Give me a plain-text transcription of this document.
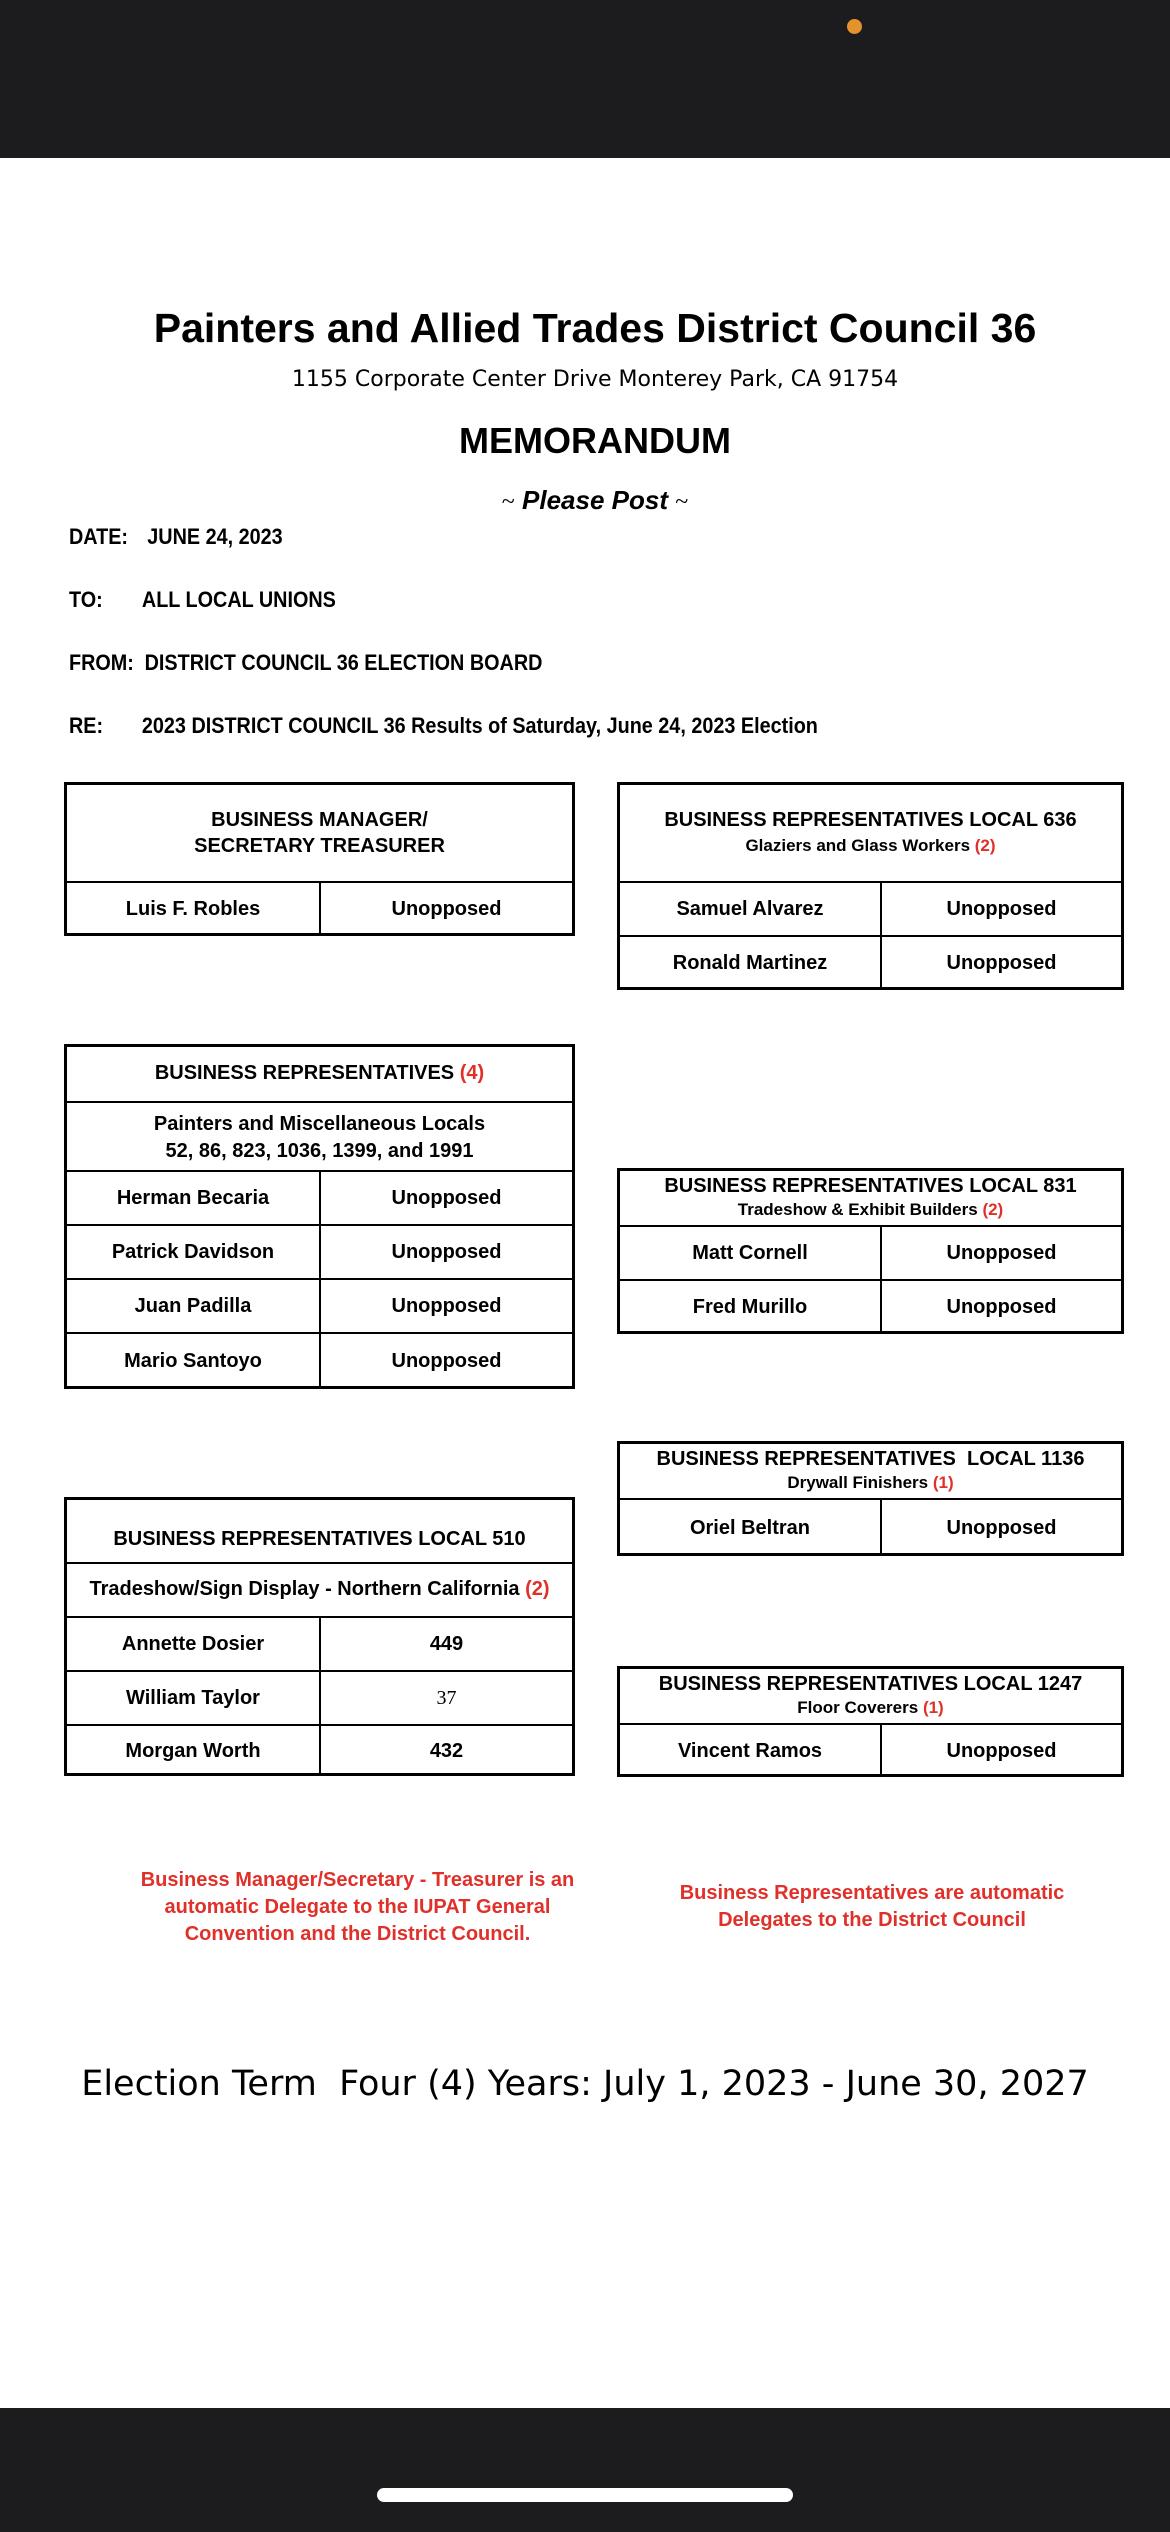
Painters and Allied Trades District Council 36
1155 Corporate Center Drive Monterey Park, CA 91754
MEMORANDUM
~ Please Post ~
DATE: JUNE 24, 2023
TO: ALL LOCAL UNIONS
FROM: DISTRICT COUNCIL 36 ELECTION BOARD
RE: 2023 DISTRICT COUNCIL 36 Results of Saturday, June 24, 2023 Election
BUSINESS MANAGER/
SECRETARY TREASURER
Luis F. Robles	Unopposed
BUSINESS REPRESENTATIVES (4)
Painters and Miscellaneous Locals
52, 86, 823, 1036, 1399, and 1991
Herman Becaria	Unopposed
Patrick Davidson	Unopposed
Juan Padilla	Unopposed
Mario Santoyo	Unopposed
BUSINESS REPRESENTATIVES LOCAL 510
Tradeshow/Sign Display - Northern California (2)
Annette Dosier	449
William Taylor	37
Morgan Worth	432
BUSINESS REPRESENTATIVES LOCAL 636
Glaziers and Glass Workers (2)
Samuel Alvarez	Unopposed
Ronald Martinez	Unopposed
BUSINESS REPRESENTATIVES LOCAL 831
Tradeshow & Exhibit Builders (2)
Matt Cornell	Unopposed
Fred Murillo	Unopposed
BUSINESS REPRESENTATIVES  LOCAL 1136
Drywall Finishers (1)
Oriel Beltran	Unopposed
BUSINESS REPRESENTATIVES LOCAL 1247
Floor Coverers (1)
Vincent Ramos	Unopposed
Business Manager/Secretary - Treasurer is an
automatic Delegate to the IUPAT General
Convention and the District Council.
Business Representatives are automatic
Delegates to the District Council
Election Term  Four (4) Years: July 1, 2023 - June 30, 2027
